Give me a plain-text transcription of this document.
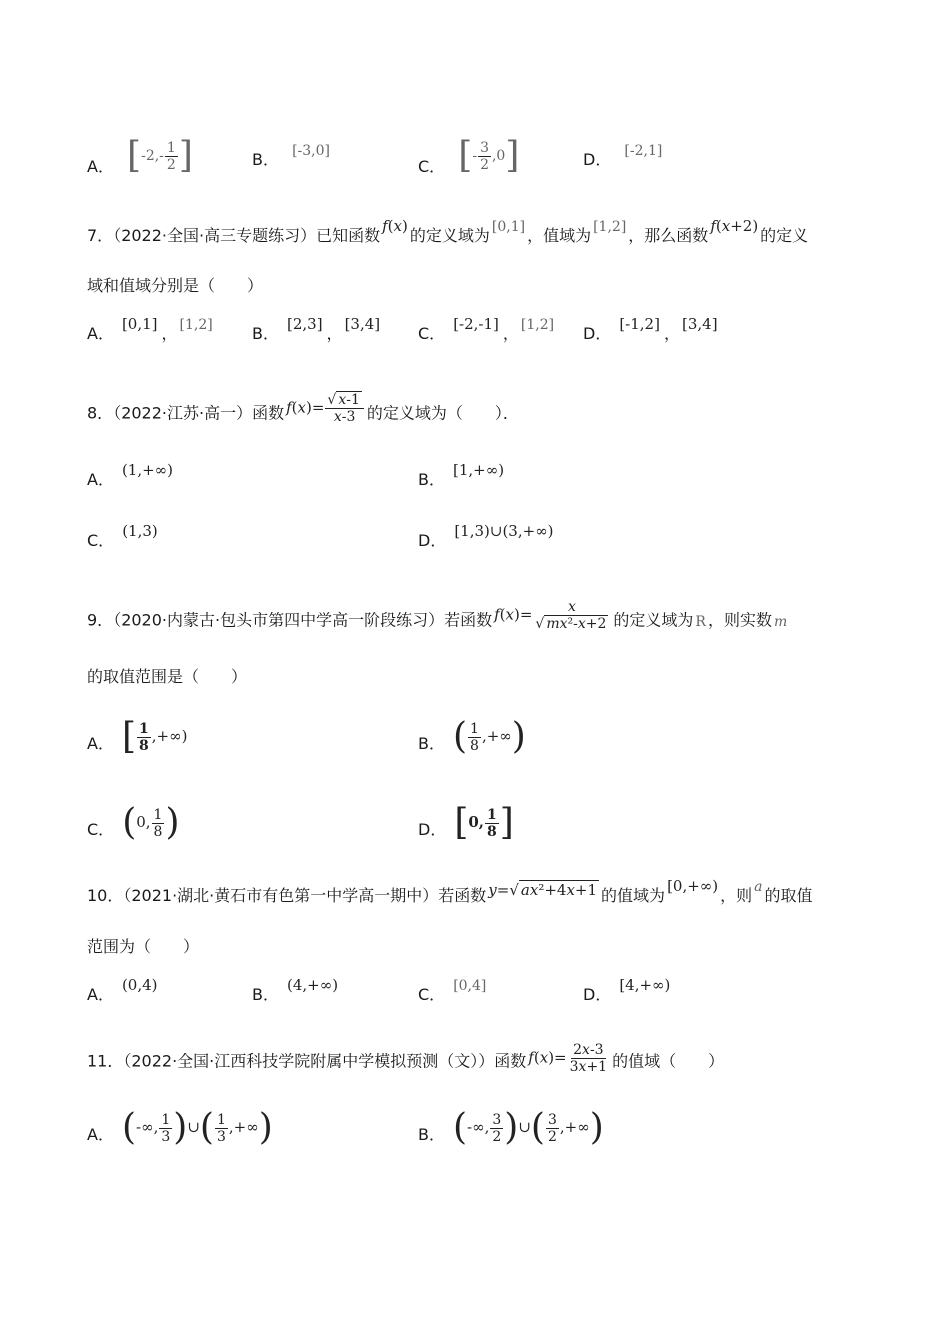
A． [$-2,- \frac{1}{2}$ ]	B． [-3,0]
C． [- $\frac{3}{2} ,0$]	D． [-2,1]
7．（2022·全国·高三专题练习）已知函数 f(x) 的定义域为 [0,1] ，值域为 [1,2] ，那么函数 f(x+2) 的定义
域和值域分别是（　　）
A． [0,1] ， [1,2] B． [2,3] ， [3,4] C． [-2,-1] ， [1,2] D． [-1,2] ， [3,4]
8．（2022·江苏·高一）函数 $f(x)= \frac{√ x-1}{x-3}$ 的定义域为（　　）．
A． (1,+∞)	B． [1,+∞)
C． (1,3)	D． [1,3)∪(3,+∞)
9．（2020·内蒙古·包头市第四中学高一阶段练习）若函数 $f(x)= \frac{x}{\text{√ mx²-x+2}}$ 的定义域为 R ，则实数 m
的取值范围是（　　）
A． [ $\frac{1}{8}$ ,+∞)	B． ( $\frac{1}{8}$ ,+∞)
C． (0, $\frac{1}{8}$ )	D． [0, $\frac{1}{8}$ ]
10．（2021·湖北·黄石市有色第一中学高一期中）若函数 y=√ ax²+4x+1 的值域为 [0,+∞) ，则 a 的取值
范围为（　　）
A． (0,4)	B． (4,+∞)	C． [0,4]	D． [4,+∞)
11．（2022·全国·江西科技学院附属中学模拟预测（文））函数 $f(x)= \frac{2x-3}{3x+1}$ 的值域（　　）
A． (-∞, $\frac{1}{3}$ )∪( $\frac{1}{3}$ ,+∞)	B． (-∞, $\frac{3}{2}$ )∪( $\frac{3}{2}$ ,+∞)
